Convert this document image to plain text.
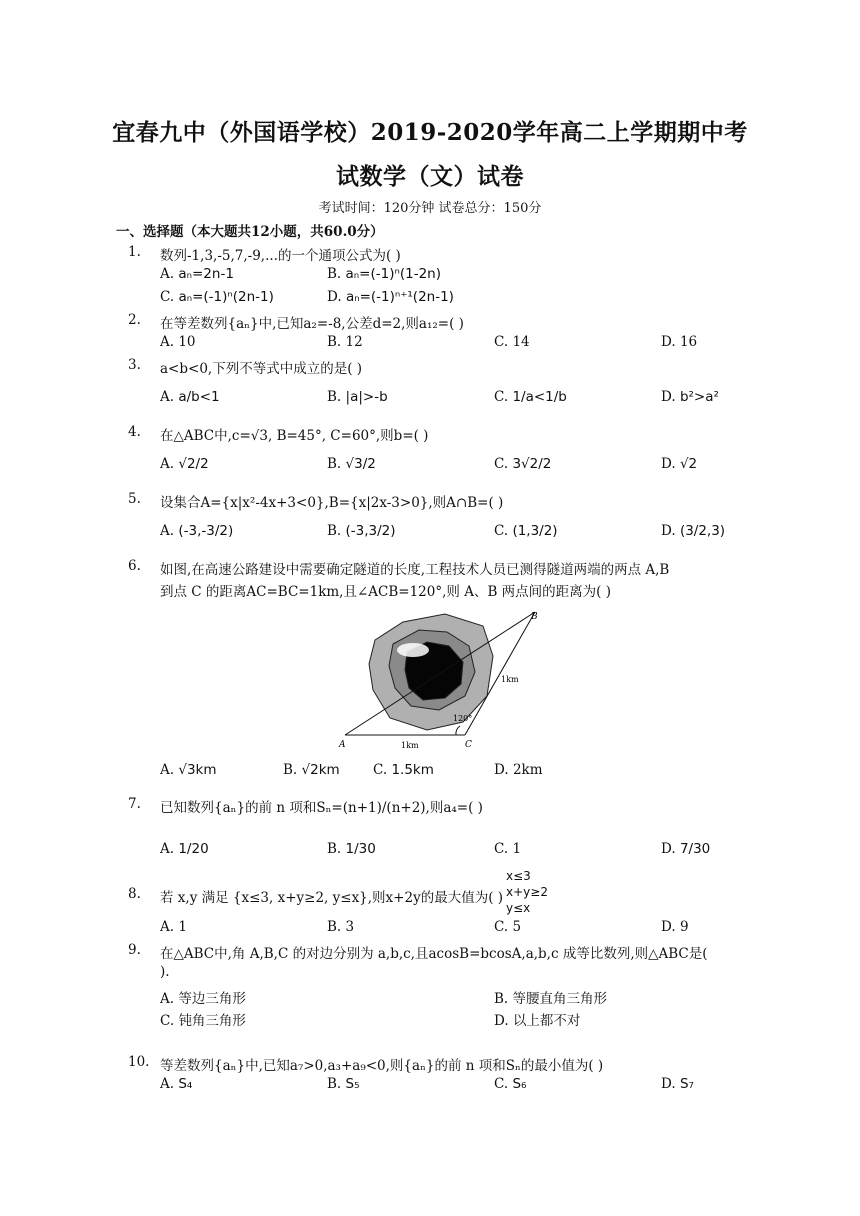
宜春九中（外国语学校）2019-2020学年高二上学期期中考
试数学（文）试卷
考试时间：120分钟 试卷总分：150分
一、选择题（本大题共12小题，共60.0分）
1. 数列-1,3,-5,7,-9,...的一个通项公式为( )
A. aₙ=2n-1	B. aₙ=(-1)ⁿ(1-2n)
C. aₙ=(-1)ⁿ(2n-1)	D. aₙ=(-1)ⁿ⁺¹(2n-1)
2. 在等差数列{aₙ}中,已知a₂=-8,公差d=2,则a₁₂=( )
A. 10	B. 12	C. 14	D. 16
3. a<b<0,下列不等式中成立的是( )
A. a/b<1	B. |a|>-b	C. 1/a<1/b	D. b²>a²
4. 在△ABC中,c=√3, B=45°, C=60°,则b=( )
A. √2/2	B. √3/2	C. 3√2/2	D. √2
5. 设集合A={x|x²-4x+3<0},B={x|2x-3>0},则A∩B=( )
A. (-3,-3/2)	B. (-3,3/2)	C. (1,3/2)	D. (3/2,3)
6. 如图,在高速公路建设中需要确定隧道的长度,工程技术人员已测得隧道两端的两点 A,B
到点 C 的距离AC=BC=1km,且∠ACB=120°,则 A、B 两点间的距离为( )
A
B
C
1km
1km
120°
A. √3km	B. √2km C. 1.5km	D. 2km
7. 已知数列{aₙ}的前 n 项和Sₙ=(n+1)/(n+2),则a₄=( )
A. 1/20	B. 1/30	C. 1	D. 7/30
8. 若 x,y 满足 {x≤3, x+y≥2, y≤x},则x+2y的最大值为( )
x≤3
x+y≥2
y≤x
A. 1	B. 3	C. 5	D. 9
9. 在△ABC中,角 A,B,C 的对边分别为 a,b,c,且acosB=bcosA,a,b,c 成等比数列,则△ABC是(
).
A. 等边三角形	B. 等腰直角三角形
C. 钝角三角形	D. 以上都不对
10. 等差数列{aₙ}中,已知a₇>0,a₃+a₉<0,则{aₙ}的前 n 项和Sₙ的最小值为( )
A. S₄	B. S₅	C. S₆	D. S₇
